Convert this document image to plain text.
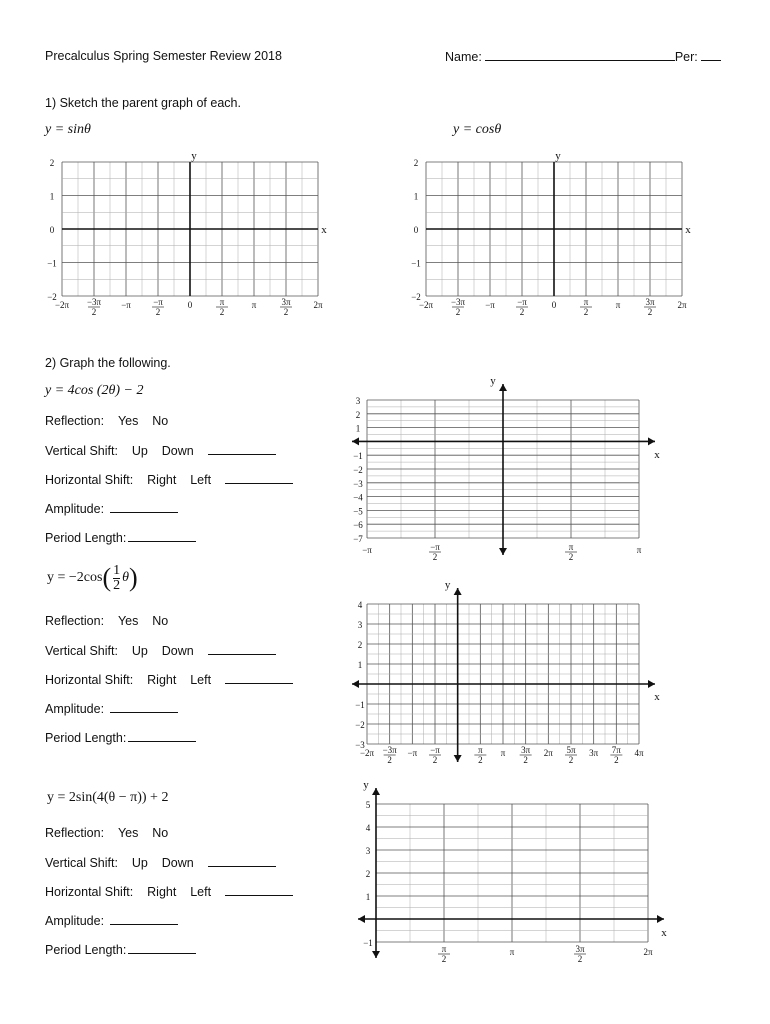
Precalculus Spring Semester Review 2018	Name:	Per:
1) Sketch the parent graph of each.
y = sinθ	y = cosθ
2) Graph the following.
y = 4cos (2θ) − 2
Reflection: Yes No
Vertical Shift: Up Down
Horizontal Shift: Right Left
Amplitude:
Period Length:
$y = -2\cos( \frac{1}{2} \theta)$
Reflection: Yes No
Vertical Shift: Up Down
Horizontal Shift: Right Left
Amplitude:
Period Length:
y = 2sin(4(θ − π)) + 2
Reflection: Yes No
Vertical Shift: Up Down
Horizontal Shift: Right Left
Amplitude:
Period Length:
y
x
2
1
0
−1
−2
−2π −3π
2
−π −π
2
0	π
2
π	3π
2
2π
y
x
2
1
0
−1
−2
−2π −3π
2
−π −π
2
0	π
2
π	3π
2
2π
y
x
3
2
1
−1
−2
−3
−4
−5
−6
−7
−π	−π
2
π
2
π
y
x
4
3
2
1
−1
−2
−3
−2π −3π
2
−π −π
2
π
2
π 3π
2
2π 5π
2
3π 7π
2
4π
y
x
5
4
3
2
1
−1
π
2
π	3π
2
2π
